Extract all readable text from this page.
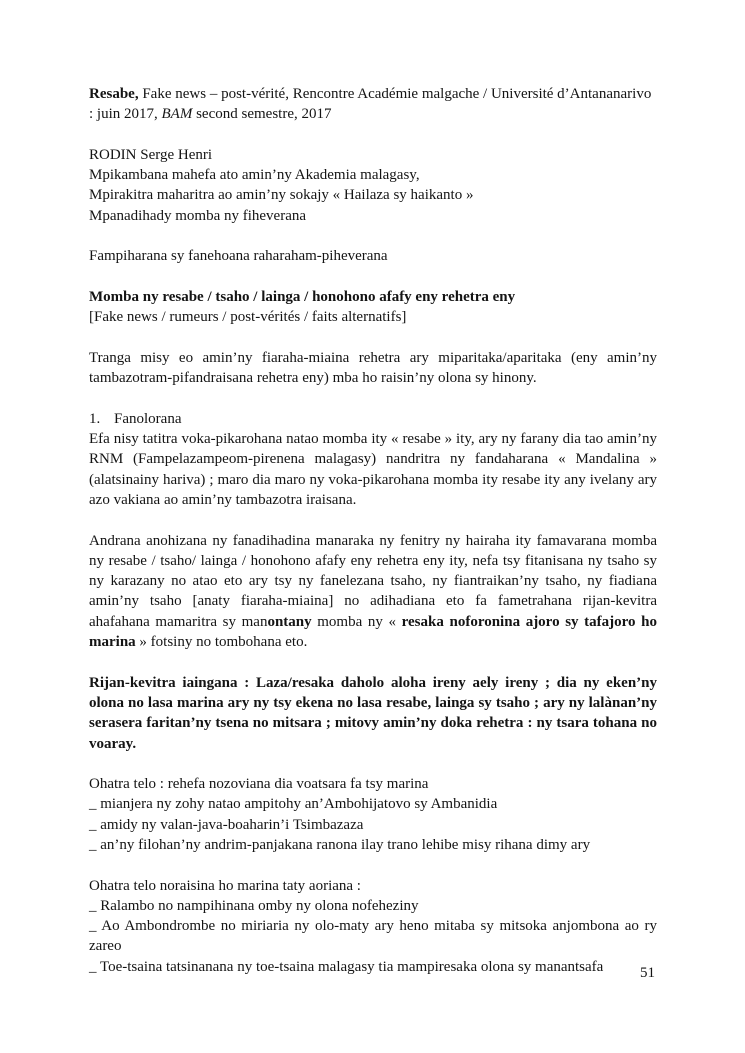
Resabe, Fake news – post-vérité, Rencontre Académie malgache / Université d’Antananarivo : juin 2017, BAM second semestre, 2017

RODIN Serge Henri
Mpikambana mahefa ato amin’ny Akademia malagasy,
Mpirakitra maharitra ao amin’ny sokajy « Hailaza sy haikanto »
Mpanadihady momba ny fiheverana

Fampiharana sy fanehoana raharaham-piheverana

Momba ny resabe / tsaho / lainga / honohono afafy eny rehetra eny
[Fake news / rumeurs / post-vérités / faits alternatifs]

Tranga misy eo amin’ny fiaraha-miaina rehetra ary miparitaka/aparitaka (eny amin’ny tambazotram-pifandraisana rehetra eny) mba ho raisin’ny olona sy hinony.

1. Fanolorana

Efa nisy tatitra voka-pikarohana natao momba ity « resabe » ity, ary ny farany dia tao amin’ny RNM (Fampelazampeom-pirenena malagasy) nandritra ny fandaharana « Mandalina » (alatsinainy hariva) ; maro dia maro ny voka-pikarohana momba ity resabe ity any ivelany ary azo vakiana ao amin’ny tambazotra iraisana.

Andrana anohizana ny fanadihadina manaraka ny fenitry ny hairaha ity famavarana momba ny resabe / tsaho/ lainga / honohono afafy eny rehetra eny ity, nefa tsy fitanisana ny tsaho sy ny karazany no atao eto ary tsy ny fanelezana tsaho, ny fiantraikan’ny tsaho, ny fiadiana amin’ny tsaho [anaty fiaraha-miaina] no adihadiana eto fa fametrahana rijan-kevitra ahafahana mamaritra sy manontany momba ny « resaka noforonina ajoro sy tafajoro ho marina » fotsiny no tombohana eto.

Rijan-kevitra iaingana : Laza/resaka daholo aloha ireny aely ireny ; dia ny eken’ny olona no lasa marina ary ny tsy ekena no lasa resabe, lainga sy tsaho ; ary ny lalànan’ny serasera faritan’ny tsena no mitsara ; mitovy amin’ny doka rehetra : ny tsara tohana no voaray.

Ohatra telo : rehefa nozoviana dia voatsara fa tsy marina
_ mianjera ny zohy natao ampitohy an’Ambohijatovo sy Ambanidia
_ amidy ny valan-java-boaharin’i Tsimbazaza
_ an’ny filohan’ny andrim-panjakana ranona ilay trano lehibe misy rihana dimy ary
Ohatra telo noraisina ho marina taty aoriana :
_ Ralambo no nampihinana omby ny olona nofeheziny
_ Ao Ambondrombe no miriaria ny olo-maty ary heno mitaba sy mitsoka anjombona ao ry zareo
_ Toe-tsaina tatsinanana ny toe-tsaina malagasy tia mampiresaka olona sy manantsafa	51
